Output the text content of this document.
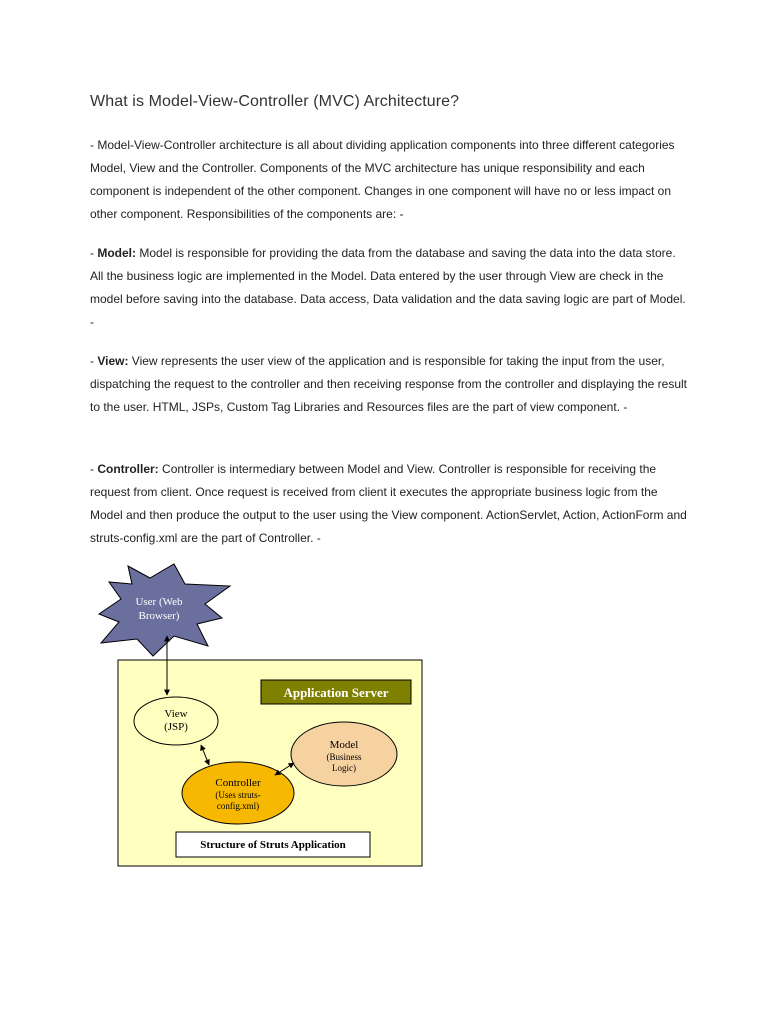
What is Model-View-Controller (MVC) Architecture?

- Model-View-Controller architecture is all about dividing application components into three different categories Model, View and the Controller. Components of the MVC architecture has unique responsibility and each component is independent of the other component. Changes in one component will have no or less impact on other component. Responsibilities of the components are: -

- Model: Model is responsible for providing the data from the database and saving the data into the data store. All the business logic are implemented in the Model. Data entered by the user through View are check in the model before saving into the database. Data access, Data validation and the data saving logic are part of Model. -

- View: View represents the user view of the application and is responsible for taking the input from the user, dispatching the request to the controller and then receiving response from the controller and displaying the result to the user. HTML, JSPs, Custom Tag Libraries and Resources files are the part of view component. -

- Controller: Controller is intermediary between Model and View. Controller is responsible for receiving the request from client. Once request is received from client it executes the appropriate business logic from the Model and then produce the output to the user using the View component. ActionServlet, Action, ActionForm and struts-config.xml are the part of Controller. -

Application Server
User (Web
Browser)
View
(JSP)
Model
(Business
Logic)
Controller
(Uses struts-
config.xml)
Structure of Struts Application
